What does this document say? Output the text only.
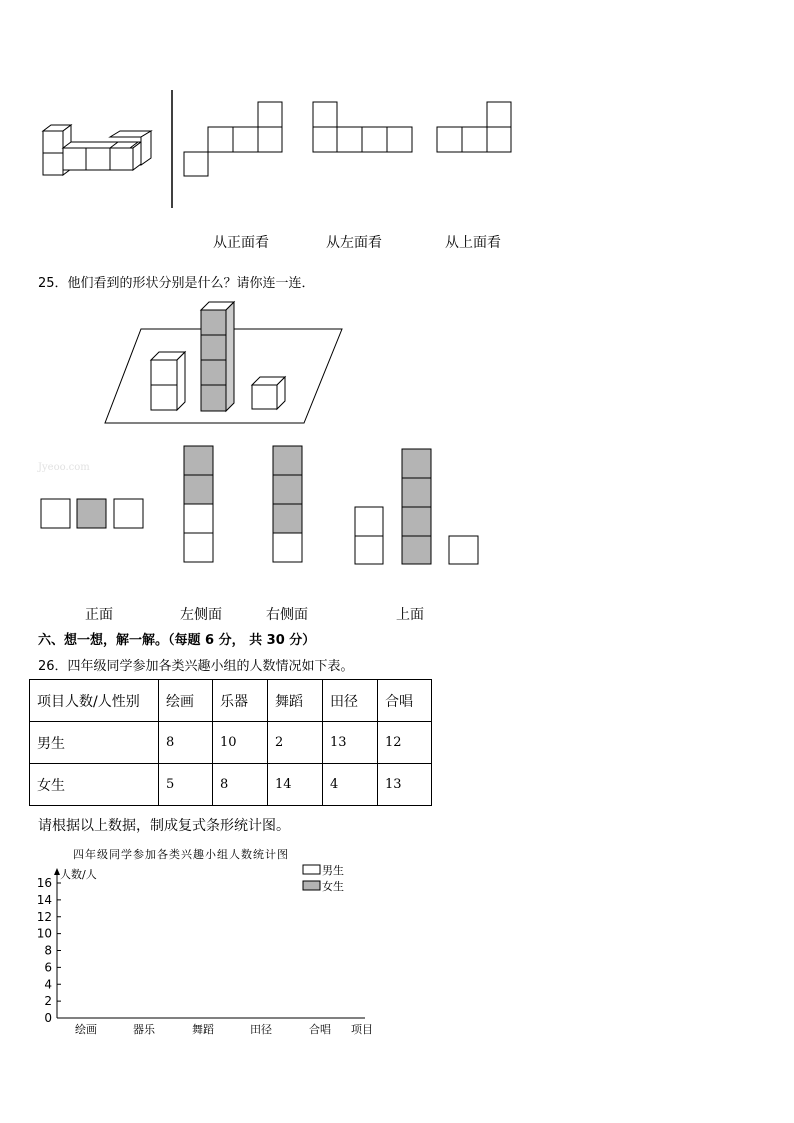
从正面看	从左面看	从上面看
25．他们看到的形状分别是什么？请你连一连．
Jyeoo.com
正面	左侧面	右侧面	上面
六、想一想，解一解。（每题 6 分， 共 30 分）
26．四年级同学参加各类兴趣小组的人数情况如下表。
项目人数/人性别	绘画	乐器	舞蹈	田径	合唱
男生	8	10	2	13	12
女生	5	8	14	4	13
请根据以上数据，制成复式条形统计图。
四年级同学参加各类兴趣小组人数统计图
人数/人
0
2
4
6
8
10
12
14
16
绘画	器乐	舞蹈	田径	合唱 项目
男生
女生
